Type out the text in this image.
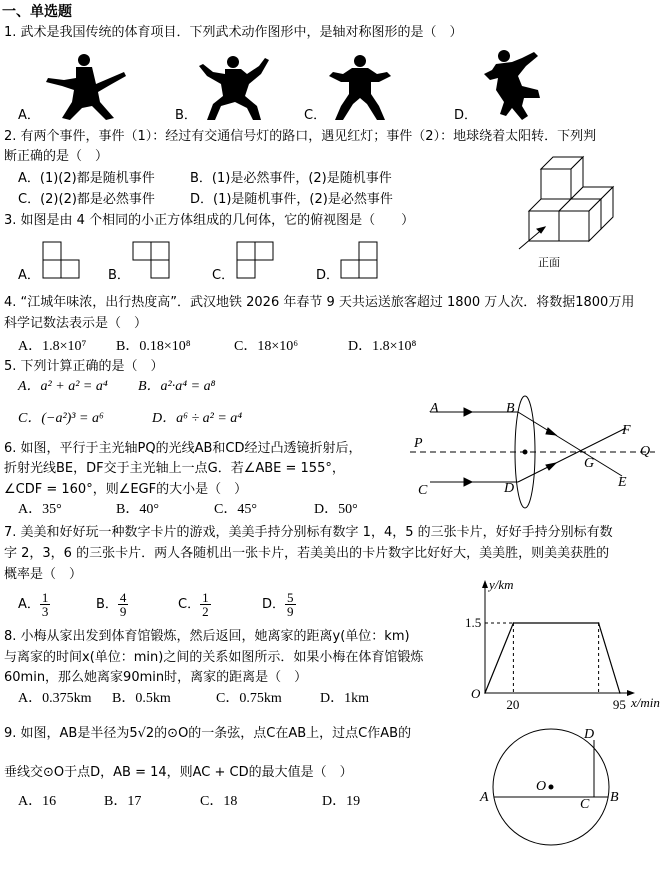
一、单选题
1. 武术是我国传统的体育项目．下列武术动作图形中，是轴对称图形的是（　）
A．	B．	C．	D．
2. 有两个事件，事件（1）：经过有交通信号灯的路口，遇见红灯；事件（2）：地球绕着太阳转．下列判
断正确的是（　）
A．(1)(2)都是随机事件	B．(1)是必然事件，(2)是随机事件
C．(2)(2)都是必然事件	D．(1)是随机事件，(2)是必然事件
3. 如图是由 4 个相同的小正方体组成的几何体，它的俯视图是（　　）
正面
A．	B．	C．	D．
4. “江城年味浓，出行热度高”．武汉地铁 2026 年春节 9 天共运送旅客超过 1800 万人次．将数据1800万用
科学记数法表示是（　）
A．1.8×10⁷ B．0.18×10⁸	C．18×10⁶	D．1.8×10⁸
5. 下列计算正确的是（　）
A．a² + a² = a⁴ B．a²·a⁴ = a⁸
C．(−a²)³ = a⁶	D．a⁶ ÷ a² = a⁴
A	B
P
Q
F
G
E
C	D
6. 如图，平行于主光轴PQ的光线AB和CD经过凸透镜折射后，
折射光线BE，DF交于主光轴上一点G．若∠ABE = 155°，
∠CDF = 160°，则∠EGF的大小是（　）
A．35°	B．40°	C．45°	D．50°
7. 美美和好好玩一种数字卡片的游戏，美美手持分别标有数字 1，4，5 的三张卡片，好好手持分别标有数
字 2，3，6 的三张卡片．两人各随机出一张卡片，若美美出的卡片数字比好好大，美美胜，则美美获胜的
概率是（　）
A． $\frac{1}{3}$	B． $\frac{4}{9}$	C． $\frac{1}{2}$	D． $\frac{5}{9}$
8. 小梅从家出发到体育馆锻炼，然后返回，她离家的距离y(单位：km)
与离家的时间x(单位：min)之间的关系如图所示．如果小梅在体育馆锻炼
60min，那么她离家90min时，离家的距离是（　）
A．0.375km B．0.5km	C．0.75km	D．1km	O
20	95
1.5
y/km
x/min
9. 如图，AB是半径为5√2的⊙O的一条弦，点C在AB上，过点C作AB的
垂线交⊙O于点D，AB = 14，则AC + CD的最大值是（　）
A．16	B．17	C．18	D．19
D
O
A	B
C
